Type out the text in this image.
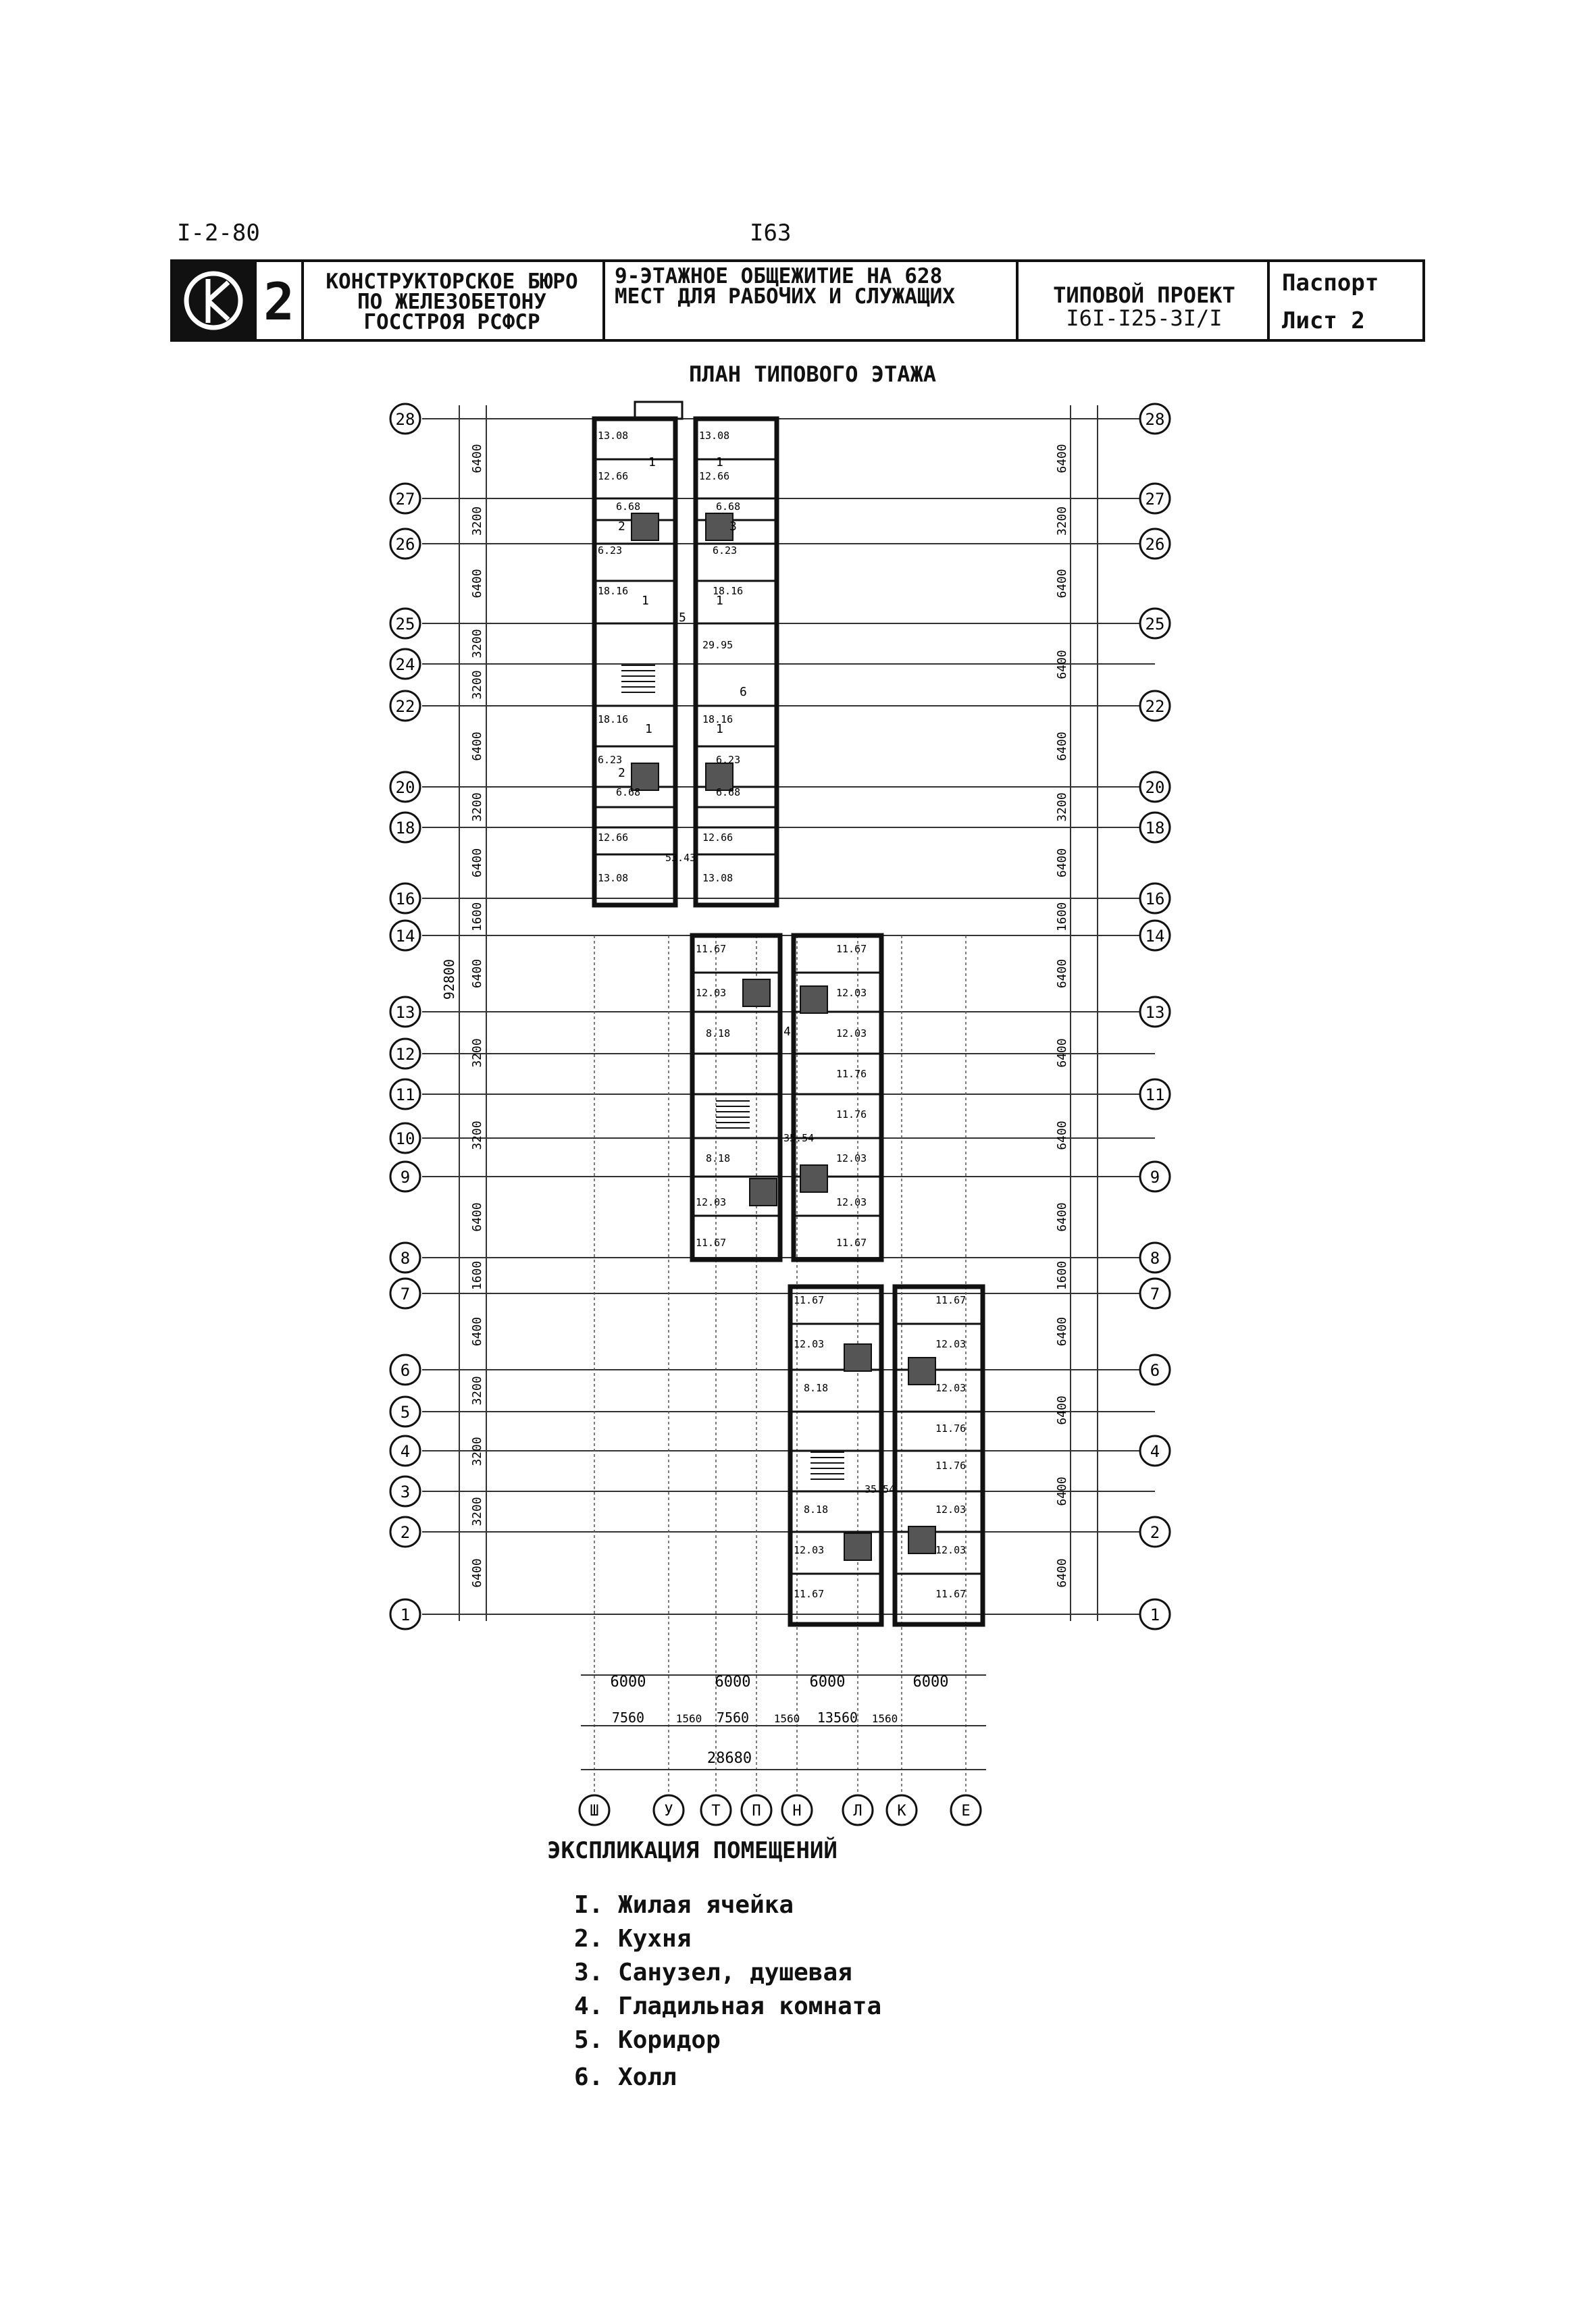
I-2-80	I63
2 КОНСТРУКТОРСКОЕ БЮРО
ПО ЖЕЛЕЗОБЕТОНУ
ГОССТРОЯ РСФСР
9-ЭТАЖНОЕ ОБЩЕЖИТИЕ НА 628
МЕСТ ДЛЯ РАБОЧИХ И СЛУЖАЩИХ	ТИПОВОЙ ПРОЕКТ
I6I-I25-3I/I
Паспорт
Лист 2
ПЛАН ТИПОВОГО ЭТАЖА
28
27
26
25
24
22
20
18
16
14
13
12
11
10
9
8
7
6
5
4
3
2
1
28
27
26
25
22
20
18
16
14
13
11
9
8
7
6
4
2
1
6400
3200
6400
3200
3200
6400
3200
6400
1600
6400
3200
3200
6400
1600
6400
3200
3200
3200
6400
92800
6400
3200
6400
6400
6400
3200
6400
1600
6400
6400
6400
6400
1600
6400
6400
6400
6400
Ш	У	Т П Н	Л К	Е
6000	6000	6000	6000
7560	1560 7560 1560 13560 1560
28680
13.08	13.08
12.66	12.66
6.68	6.68
6.23	6.23
18.16	18.16
29.95
18.16	18.16
6.23	6.23
6.68	6.68
12.66	12.66
13.08	13.08
53.43
11.67	11.67
12.03	12.03
8.18	12.03
11.76
11.76
8.18	12.03
12.03	12.03
11.67	11.67
35.54
11.67	11.67
12.03	12.03
8.18	12.03
11.76
11.76
8.18	12.03
12.03	12.03
11.67	11.67
35.54
1	1
2	3
1
5
1
6
1	1
2
4
ЭКСПЛИКАЦИЯ ПОМЕЩЕНИЙ
I. Жилая ячейка
2. Кухня
3. Санузел, душевая
4. Гладильная комната
5. Коридор
6. Холл
